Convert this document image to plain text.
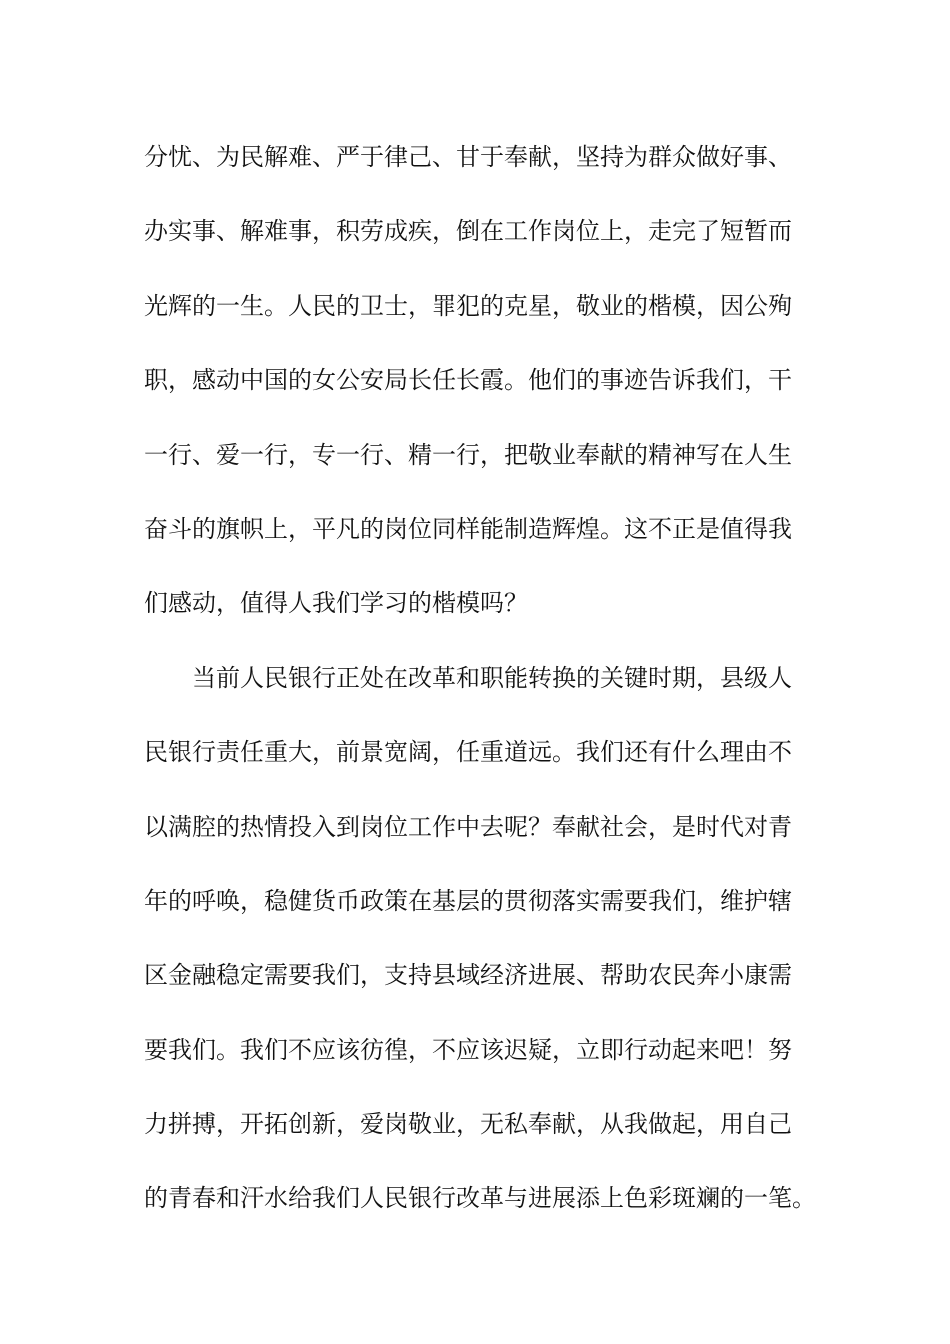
分忧、为民解难、严于律己、甘于奉献，坚持为群众做好事、
办实事、解难事，积劳成疾，倒在工作岗位上，走完了短暂而
光辉的一生。人民的卫士，罪犯的克星，敬业的楷模，因公殉
职，感动中国的女公安局长任长霞。他们的事迹告诉我们，干
一行、爱一行，专一行、精一行，把敬业奉献的精神写在人生
奋斗的旗帜上，平凡的岗位同样能制造辉煌。这不正是值得我
们感动，值得人我们学习的楷模吗？
当前人民银行正处在改革和职能转换的关键时期，县级人
民银行责任重大，前景宽阔，任重道远。我们还有什么理由不
以满腔的热情投入到岗位工作中去呢？奉献社会，是时代对青
年的呼唤，稳健货币政策在基层的贯彻落实需要我们，维护辖
区金融稳定需要我们，支持县域经济进展、帮助农民奔小康需
要我们。我们不应该彷徨，不应该迟疑，立即行动起来吧！努
力拼搏，开拓创新，爱岗敬业，无私奉献，从我做起，用自己
的青春和汗水给我们人民银行改革与进展添上色彩斑斓的一笔。
